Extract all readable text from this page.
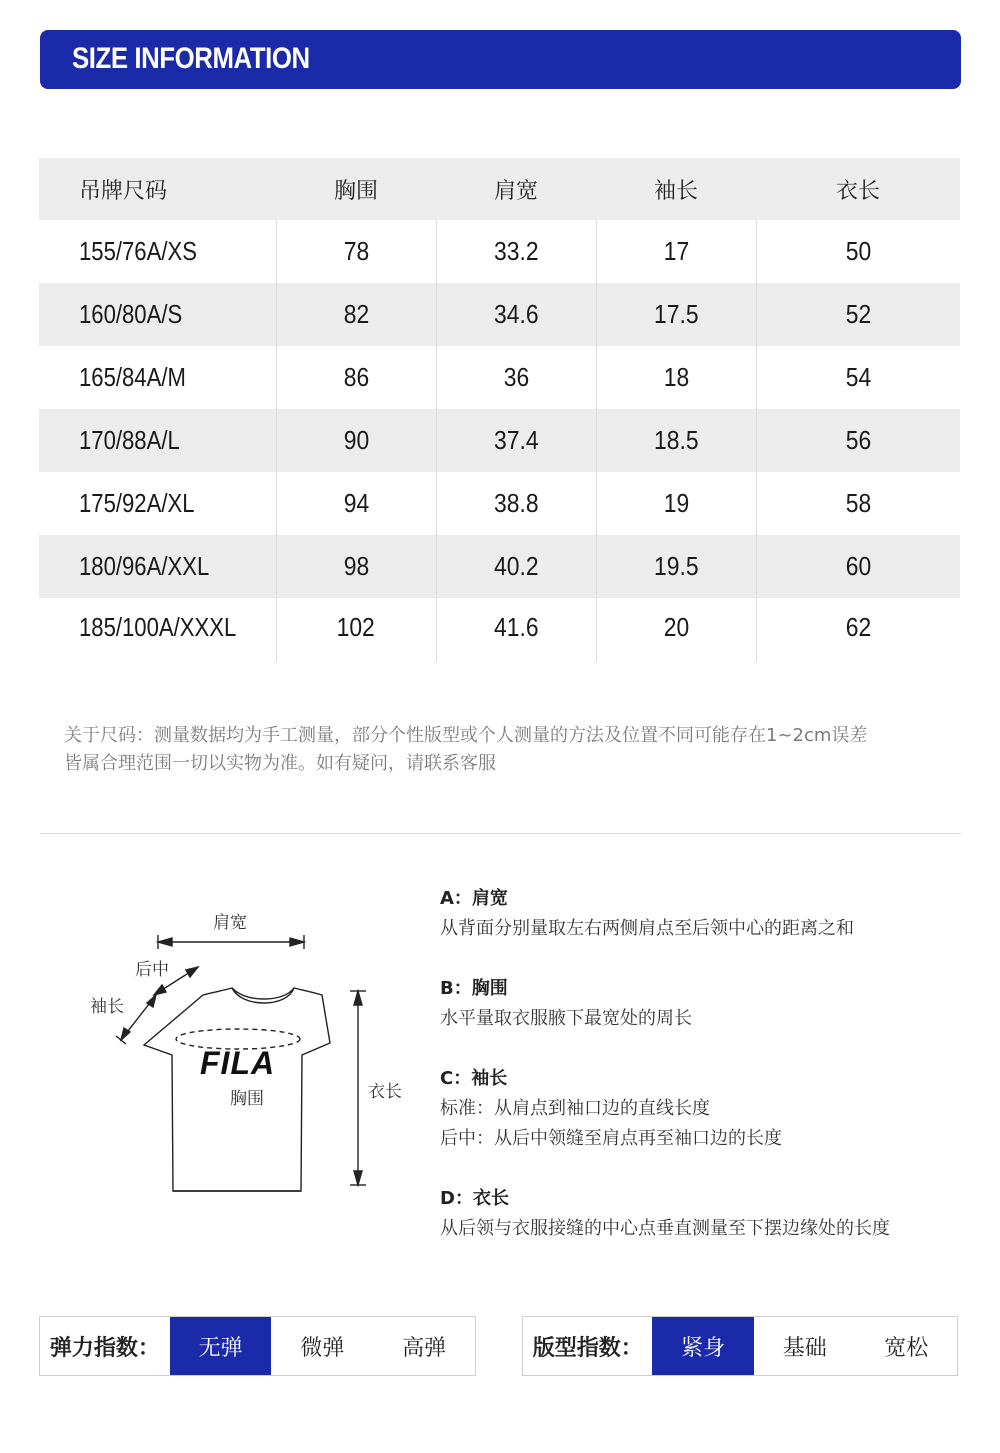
SIZE INFORMATION
吊牌尺码	胸围	肩宽	袖长	衣长
155/76A/XS	78	33.2	17	50
160/80A/S	82	34.6	17.5	52
165/84A/M	86	36	18	54
170/88A/L	90	37.4	18.5	56
175/92A/XL	94	38.8	19	58
180/96A/XXL	98	40.2	19.5	60
185/100A/XXXL	102	41.6	20	62
关于尺码：测量数据均为手工测量，部分个性版型或个人测量的方法及位置不同可能存在1~2cm误差
皆属合理范围一切以实物为准。如有疑问，请联系客服
肩宽
后中
袖长
FILA
胸围	衣长
A：肩宽
从背面分别量取左右两侧肩点至后领中心的距离之和
B：胸围
水平量取衣服腋下最宽处的周长
C：袖长
标准：从肩点到袖口边的直线长度
后中：从后中领缝至肩点再至袖口边的长度
D：衣长
从后领与衣服接缝的中心点垂直测量至下摆边缘处的长度
弹力指数：	无弹	微弹	高弹	版型指数：	紧身	基础	宽松
